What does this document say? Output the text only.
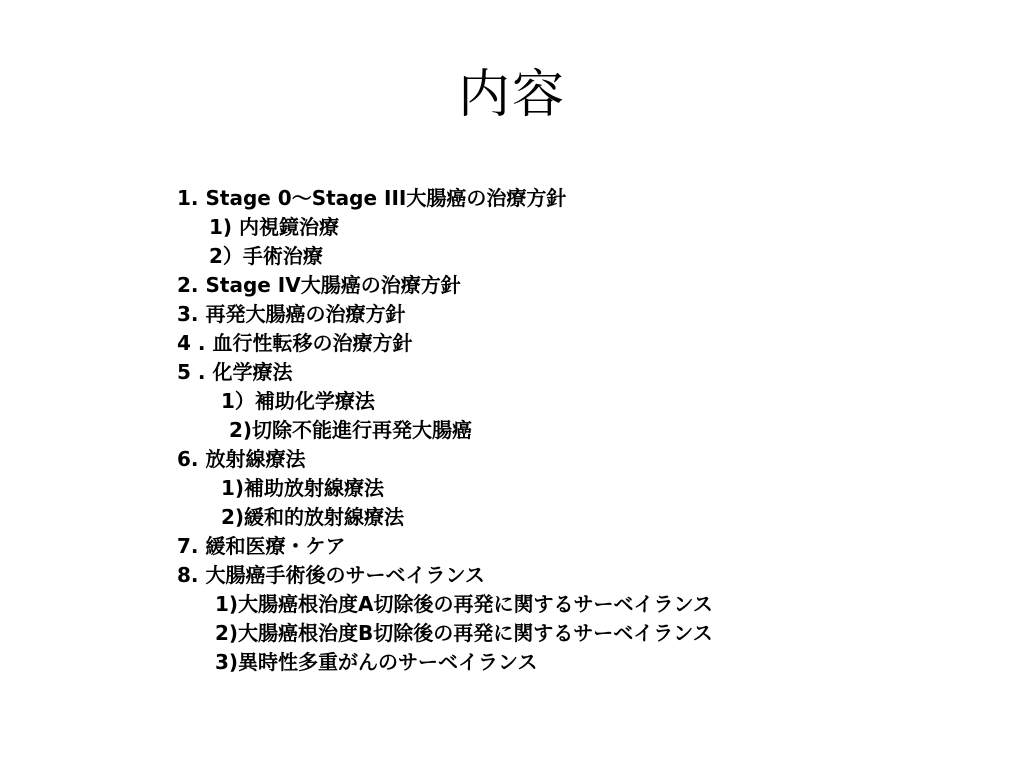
内容
1. Stage 0～Stage III大腸癌の治療方針
1) 内視鏡治療
2）手術治療
2. Stage IV大腸癌の治療方針
3. 再発大腸癌の治療方針
4 . 血行性転移の治療方針
5 . 化学療法
1）補助化学療法
2)切除不能進行再発大腸癌
6. 放射線療法
1)補助放射線療法
2)緩和的放射線療法
7. 緩和医療・ケア
8. 大腸癌手術後のサーベイランス
1)大腸癌根治度A切除後の再発に関するサーベイランス
2)大腸癌根治度B切除後の再発に関するサーベイランス
3)異時性多重がんのサーベイランス
